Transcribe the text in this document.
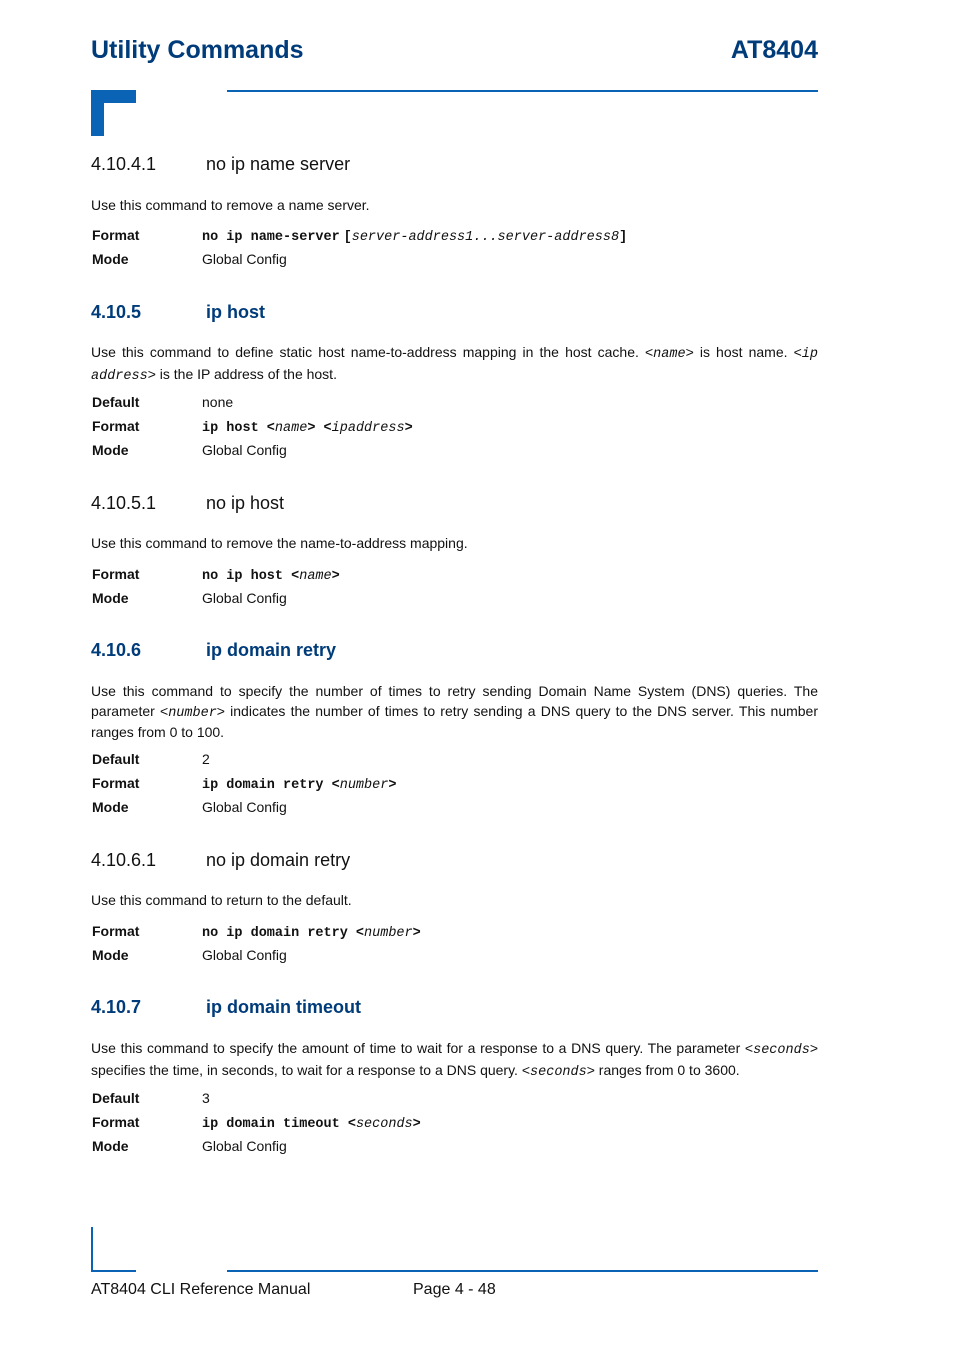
Utility Commands	AT8404
4.10.4.1	no ip name server
Use this command to remove a name server.
Format	no ip name-server [server-address1...server-address8]
Mode	Global Config
4.10.5	ip host
Use this command to define static host name-to-address mapping in the host cache. <name> is host name. <ip address> is the IP address of the host.
Default	none
Format	ip host <name> <ipaddress>
Mode	Global Config
4.10.5.1	no ip host
Use this command to remove the name-to-address mapping.
Format	no ip host <name>
Mode	Global Config
4.10.6	ip domain retry
Use this command to specify the number of times to retry sending Domain Name System (DNS) queries. The parameter <number> indicates the number of times to retry sending a DNS query to the DNS server. This number ranges from 0 to 100.
Default	2
Format	ip domain retry <number>
Mode	Global Config
4.10.6.1	no ip domain retry
Use this command to return to the default.
Format	no ip domain retry <number>
Mode	Global Config
4.10.7	ip domain timeout
Use this command to specify the amount of time to wait for a response to a DNS query. The parameter <seconds> specifies the time, in seconds, to wait for a response to a DNS query. <seconds> ranges from 0 to 3600.
Default	3
Format	ip domain timeout <seconds>
Mode	Global Config
AT8404 CLI Reference Manual	Page 4 - 48
